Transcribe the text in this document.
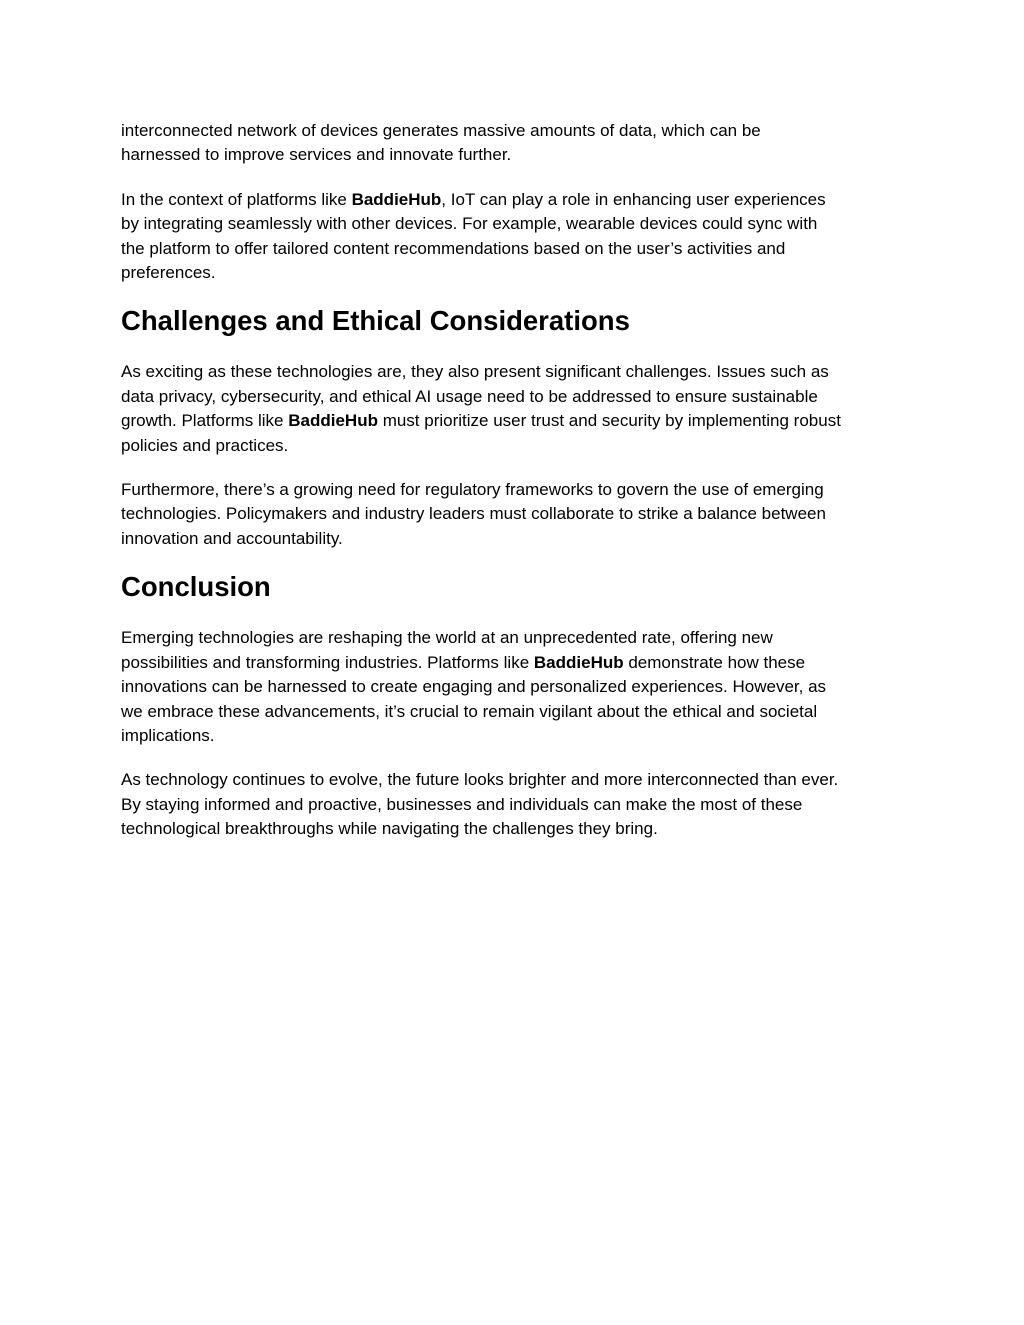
interconnected network of devices generates massive amounts of data, which can be
harnessed to improve services and innovate further.

In the context of platforms like BaddieHub, IoT can play a role in enhancing user experiences
by integrating seamlessly with other devices. For example, wearable devices could sync with
the platform to offer tailored content recommendations based on the user’s activities and
preferences.

Challenges and Ethical Considerations

As exciting as these technologies are, they also present significant challenges. Issues such as
data privacy, cybersecurity, and ethical AI usage need to be addressed to ensure sustainable
growth. Platforms like BaddieHub must prioritize user trust and security by implementing robust
policies and practices.

Furthermore, there’s a growing need for regulatory frameworks to govern the use of emerging
technologies. Policymakers and industry leaders must collaborate to strike a balance between
innovation and accountability.

Conclusion

Emerging technologies are reshaping the world at an unprecedented rate, offering new
possibilities and transforming industries. Platforms like BaddieHub demonstrate how these
innovations can be harnessed to create engaging and personalized experiences. However, as
we embrace these advancements, it’s crucial to remain vigilant about the ethical and societal
implications.

As technology continues to evolve, the future looks brighter and more interconnected than ever.
By staying informed and proactive, businesses and individuals can make the most of these
technological breakthroughs while navigating the challenges they bring.
